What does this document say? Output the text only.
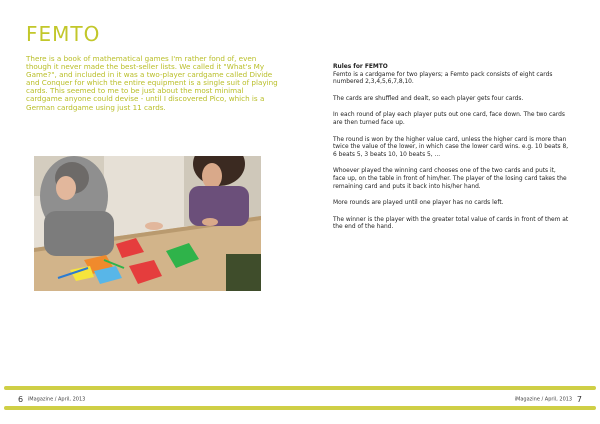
FEMTO
There is a book of mathematical games I'm rather fond of, even though it never made the best-seller lists. We called it "What's My Game?", and included in it was a two-player cardgame called Divide and Conquer for which the entire equipment is a single suit of playing cards. This seemed to me to be just about the most minimal cardgame anyone could devise - until I discovered Pico, which is a German cardgame using just 11 cards.

Rules for FEMTO

Femto is a cardgame for two players; a Femto pack consists of eight cards numbered 2,3,4,5,6,7,8,10.

The cards are shuffled and dealt, so each player gets four cards.

In each round of play each player puts out one card, face down. The two cards are then turned face up.

The round is won by the higher value card, unless the higher card is more than twice the value of the lower, in which case the lower card wins. e.g. 10 beats 8, 6 beats 5, 3 beats 10, 10 beats 5, ...

Whoever played the winning card chooses one of the two cards and puts it, face up, on the table in front of him/her. The player of the losing card takes the remaining card and puts it back into his/her hand.

More rounds are played until one player has no cards left.

The winner is the player with the greater total value of cards in front of them at the end of the hand.

6 iMagazine / April, 2013	iMagazine / April, 2013 7
